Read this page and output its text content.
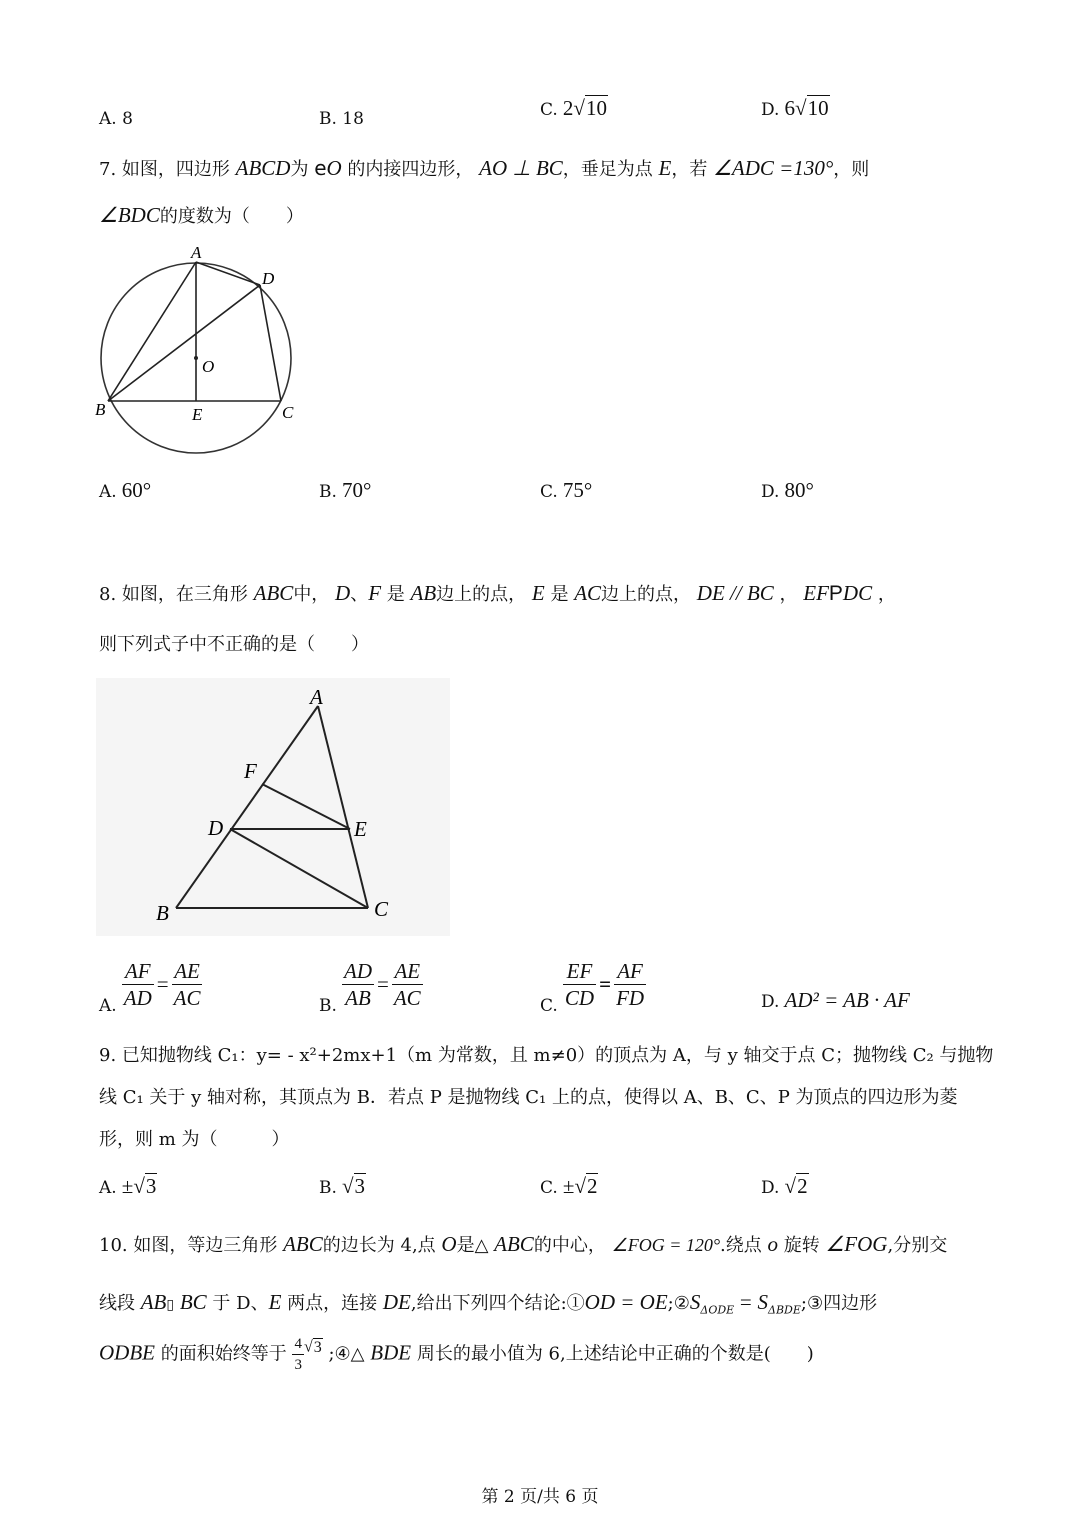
A. 8	B. 18	C. 2√10	D. 6√10
7. 如图，四边形 ABCD为 eO 的内接四边形， AO ⊥ BC，垂足为点 E，若 ∠ADC =130°，则
∠BDC的度数为（　　）
A
D
O
B	E	C
A. 60°	B. 70°	C. 75°	D. 80°
8. 如图，在三角形 ABC中， D、F 是 AB边上的点， E 是 AC边上的点， DE // BC ， EFPDC ，
则下列式子中不正确的是（　　）
A
F
D	E
B	C
A. $\frac{AF}{AD} = \frac{AE}{AC}$	B. $\frac{AD}{AB} = \frac{AE}{AC}$	C. $\frac{EF}{CD} = \frac{AF}{FD}$	D. AD² = AB · AF
9. 已知抛物线 C₁：y= - x²+2mx+1（m 为常数，且 m≠0）的顶点为 A，与 y 轴交于点 C；抛物线 C₂ 与抛物
线 C₁ 关于 y 轴对称，其顶点为 B．若点 P 是抛物线 C₁ 上的点，使得以 A、B、C、P 为顶点的四边形为菱
形，则 m 为（　　　）
A. ±√3	B. √3	C. ±√2	D. √2
10. 如图，等边三角形 ABC的边长为 4,点 O是△ ABC的中心， ∠FOG = 120°.绕点 o 旋转 ∠FOG,分别交
线段 AB▯ BC 于 D、E 两点，连接 DE,给出下列四个结论:①OD = $OE;②S_{\Delta ODE}$ = $S_{\Delta BDE};③$四边形
ODBE 的面积始终等于 $\frac{4}{3} √3$ ;④△ BDE 周长的最小值为 6,上述结论中正确的个数是(　　)
第 2 页/共 6 页
